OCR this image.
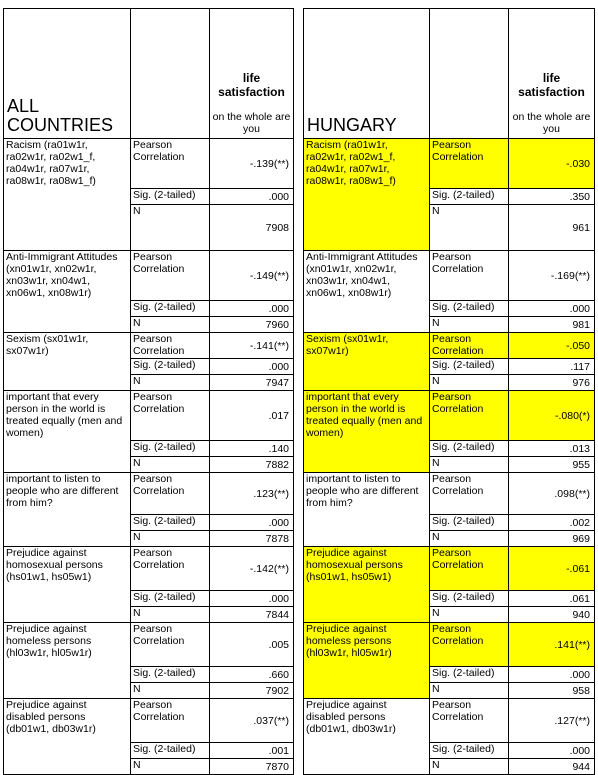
ALL COUNTRIES		life satisfaction
on the whole are you

Racism (ra01w1r, ra02w1r, ra02w1_f, ra04w1r, ra07w1r, ra08w1r, ra08w1_f)	Pearson Correlation	-.139(**)
	Sig. (2-tailed)	.000
	N	7908
Anti-Immigrant Attitudes (xn01w1r, xn02w1r, xn03w1r, xn04w1, xn06w1, xn08w1r)	Pearson Correlation	-.149(**)
	Sig. (2-tailed)	.000
	N	7960
Sexism (sx01w1r, sx07w1r)	Pearson Correlation	-.141(**)
	Sig. (2-tailed)	.000
	N	7947
important that every person in the world is treated equally (men and women)	Pearson Correlation	.017
	Sig. (2-tailed)	.140
	N	7882
important to listen to people who are different from him?	Pearson Correlation	.123(**)
	Sig. (2-tailed)	.000
	N	7878
Prejudice against homosexual persons (hs01w1, hs05w1)	Pearson Correlation	-.142(**)
	Sig. (2-tailed)	.000
	N	7844
Prejudice against homeless persons (hl03w1r, hl05w1r)	Pearson Correlation	.005
	Sig. (2-tailed)	.660
	N	7902
Prejudice against disabled persons (db01w1, db03w1r)	Pearson Correlation	.037(**)
	Sig. (2-tailed)	.001
	N	7870
HUNGARY		life satisfaction
on the whole are you

Racism (ra01w1r, ra02w1r, ra02w1_f, ra04w1r, ra07w1r, ra08w1r, ra08w1_f)	Pearson Correlation	-.030
	Sig. (2-tailed)	.350
	N	961
Anti-Immigrant Attitudes (xn01w1r, xn02w1r, xn03w1r, xn04w1, xn06w1, xn08w1r)	Pearson Correlation	-.169(**)
	Sig. (2-tailed)	.000
	N	981
Sexism (sx01w1r, sx07w1r)	Pearson Correlation	-.050
	Sig. (2-tailed)	.117
	N	976
important that every person in the world is treated equally (men and women)	Pearson Correlation	-.080(*)
	Sig. (2-tailed)	.013
	N	955
important to listen to people who are different from him?	Pearson Correlation	.098(**)
	Sig. (2-tailed)	.002
	N	969
Prejudice against homosexual persons (hs01w1, hs05w1)	Pearson Correlation	-.061
	Sig. (2-tailed)	.061
	N	940
Prejudice against homeless persons (hl03w1r, hl05w1r)	Pearson Correlation	.141(**)
	Sig. (2-tailed)	.000
	N	958
Prejudice against disabled persons (db01w1, db03w1r)	Pearson Correlation	.127(**)
	Sig. (2-tailed)	.000
	N	944
